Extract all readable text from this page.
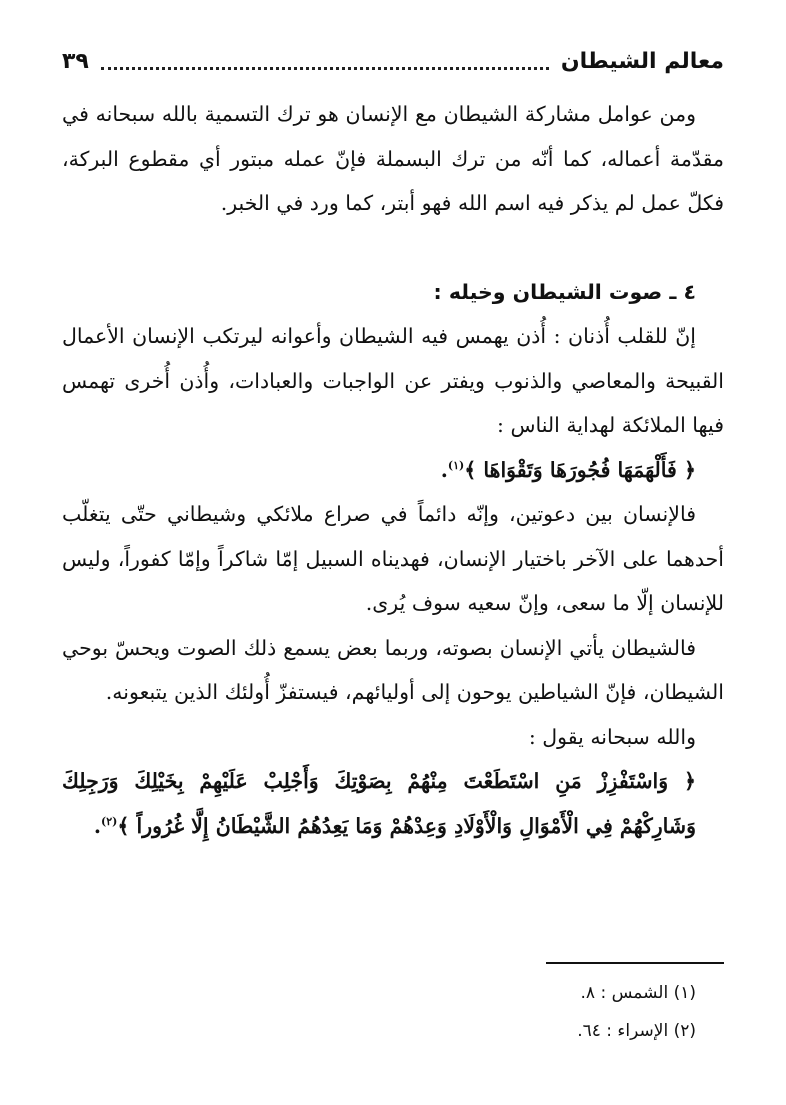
معالم الشيطان
٣٩

ومن عوامل مشاركة الشيطان مع الإنسان هو ترك التسمية بالله سبحانه في مقدّمة أعماله، كما أنّه من ترك البسملة فإنّ عمله مبتور أي مقطوع البركة، فكلّ عمل لم يذكر فيه اسم الله فهو أبتر، كما ورد في الخبر.

٤ ـ صوت الشيطان وخيله :

إنّ للقلب أُذنان : أُذن يهمس فيه الشيطان وأعوانه ليرتكب الإنسان الأعمال القبيحة والمعاصي والذنوب ويفتر عن الواجبات والعبادات، وأُذن أُخرى تهمس فيها الملائكة لهداية الناس :

﴿ فَأَلْهَمَهَا فُجُورَهَا وَتَقْوَاهَا ﴾$^{(١)}$.

فالإنسان بين دعوتين، وإنّه دائماً في صراع ملائكي وشيطاني حتّى يتغلّب أحدهما على الآخر باختيار الإنسان، فهديناه السبيل إمّا شاكراً وإمّا كفوراً، وليس للإنسان إلّا ما سعى، وإنّ سعيه سوف يُرى.

فالشيطان يأتي الإنسان بصوته، وربما بعض يسمع ذلك الصوت ويحسّ بوحي الشيطان، فإنّ الشياطين يوحون إلى أوليائهم، فيستفزّ أُولئك الذين يتبعونه.

والله سبحانه يقول :

﴿ وَاسْتَفْزِزْ مَنِ اسْتَطَعْتَ مِنْهُمْ بِصَوْتِكَ وَأَجْلِبْ عَلَيْهِمْ بِخَيْلِكَ وَرَجِلِكَ وَشَارِكْهُمْ فِي الْأَمْوَالِ وَالْأَوْلَادِ وَعِدْهُمْ وَمَا يَعِدُهُمُ الشَّيْطَانُ إِلَّا غُرُوراً ﴾$^{(٢)}$.

(١) الشمس : ٨.

(٢) الإسراء : ٦٤.
